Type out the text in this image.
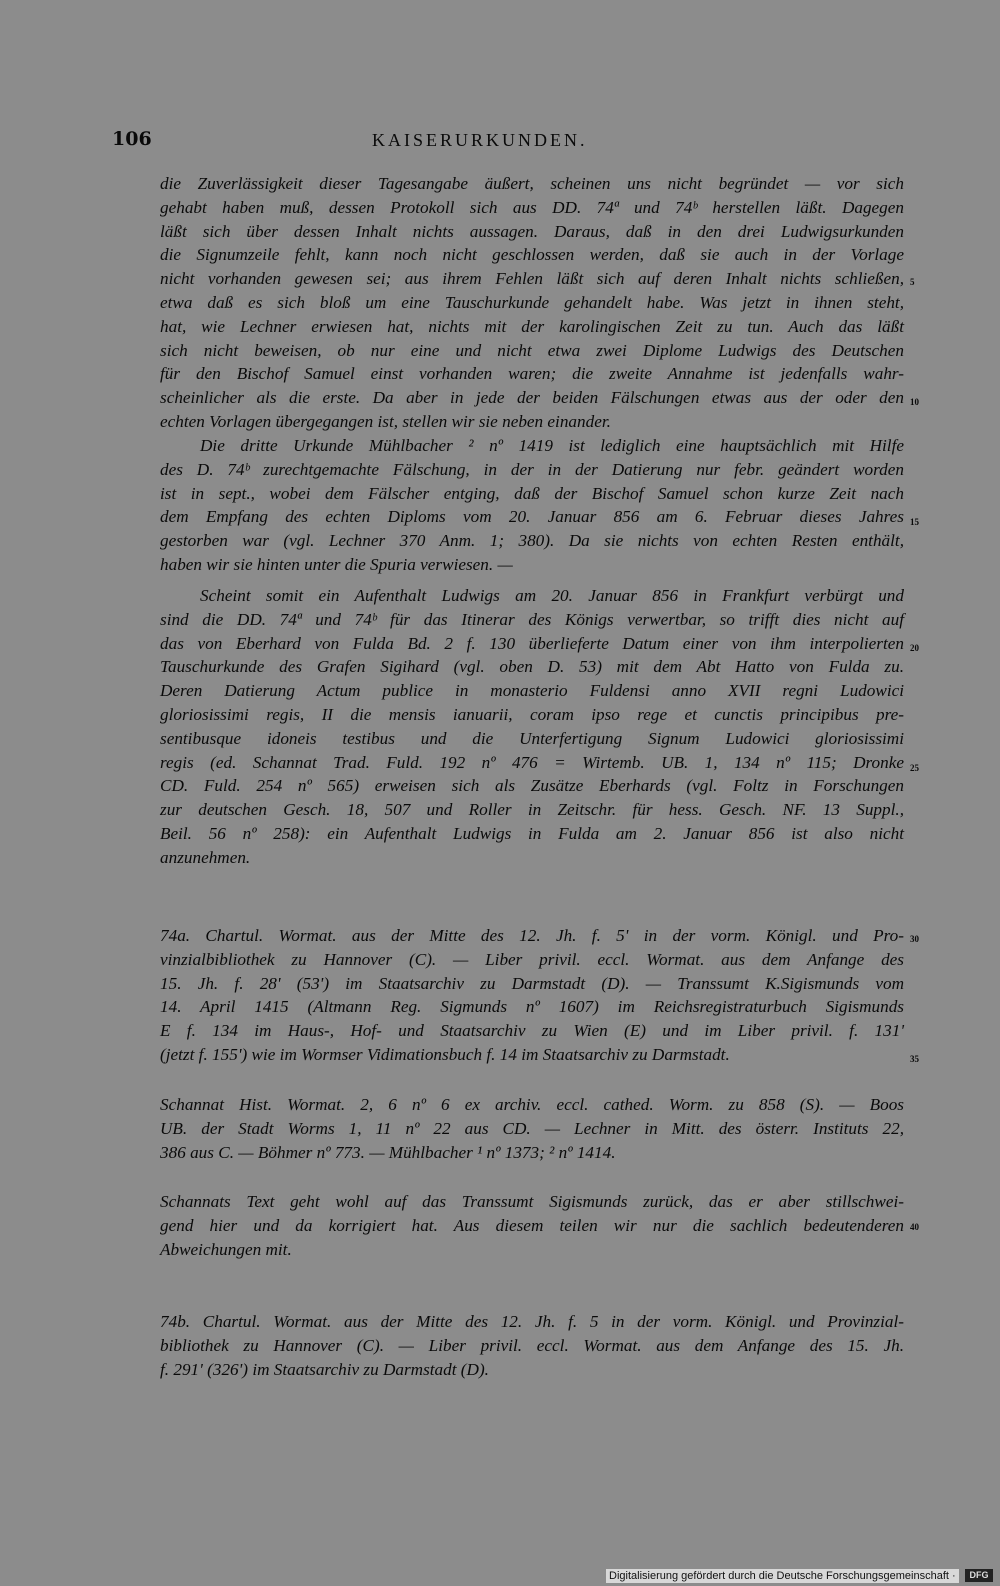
106	KAISERURKUNDEN.
die Zuverlässigkeit dieser Tagesangabe äußert, scheinen uns nicht begründet — vor sich
gehabt haben muß, dessen Protokoll sich aus DD. 74ª und 74ᵇ herstellen läßt. Dagegen
läßt sich über dessen Inhalt nichts aussagen. Daraus, daß in den drei Ludwigsurkunden
die Signumzeile fehlt, kann noch nicht geschlossen werden, daß sie auch in der Vorlage
nicht vorhanden gewesen sei; aus ihrem Fehlen läßt sich auf deren Inhalt nichts schließen,
etwa daß es sich bloß um eine Tauschurkunde gehandelt habe. Was jetzt in ihnen steht,
hat, wie Lechner erwiesen hat, nichts mit der karolingischen Zeit zu tun. Auch das läßt
sich nicht beweisen, ob nur eine und nicht etwa zwei Diplome Ludwigs des Deutschen
für den Bischof Samuel einst vorhanden waren; die zweite Annahme ist jedenfalls wahr-
scheinlicher als die erste. Da aber in jede der beiden Fälschungen etwas aus der oder den
echten Vorlagen übergegangen ist, stellen wir sie neben einander.
Die dritte Urkunde Mühlbacher ² nº 1419 ist lediglich eine hauptsächlich mit Hilfe
des D. 74ᵇ zurechtgemachte Fälschung, in der in der Datierung nur febr. geändert worden
ist in sept., wobei dem Fälscher entging, daß der Bischof Samuel schon kurze Zeit nach
dem Empfang des echten Diploms vom 20. Januar 856 am 6. Februar dieses Jahres
gestorben war (vgl. Lechner 370 Anm. 1; 380). Da sie nichts von echten Resten enthält,
haben wir sie hinten unter die Spuria verwiesen. —
Scheint somit ein Aufenthalt Ludwigs am 20. Januar 856 in Frankfurt verbürgt und
sind die DD. 74ª und 74ᵇ für das Itinerar des Königs verwertbar, so trifft dies nicht auf
das von Eberhard von Fulda Bd. 2 f. 130 überlieferte Datum einer von ihm interpolierten
Tauschurkunde des Grafen Sigihard (vgl. oben D. 53) mit dem Abt Hatto von Fulda zu.
Deren Datierung Actum publice in monasterio Fuldensi anno XVII regni Ludowici
gloriosissimi regis, II die mensis ianuarii, coram ipso rege et cunctis principibus pre-
sentibusque idoneis testibus und die Unterfertigung Signum Ludowici gloriosissimi
regis (ed. Schannat Trad. Fuld. 192 nº 476 = Wirtemb. UB. 1, 134 nº 115; Dronke
CD. Fuld. 254 nº 565) erweisen sich als Zusätze Eberhards (vgl. Foltz in Forschungen
zur deutschen Gesch. 18, 507 und Roller in Zeitschr. für hess. Gesch. NF. 13 Suppl.,
Beil. 56 nº 258): ein Aufenthalt Ludwigs in Fulda am 2. Januar 856 ist also nicht
anzunehmen.
74a. Chartul. Wormat. aus der Mitte des 12. Jh. f. 5' in der vorm. Königl. und Pro-
vinzialbibliothek zu Hannover (C). — Liber privil. eccl. Wormat. aus dem Anfange des
15. Jh. f. 28' (53') im Staatsarchiv zu Darmstadt (D). — Transsumt K.Sigismunds vom
14. April 1415 (Altmann Reg. Sigmunds nº 1607) im Reichsregistraturbuch Sigismunds
E f. 134 im Haus-, Hof- und Staatsarchiv zu Wien (E) und im Liber privil. f. 131'
(jetzt f. 155') wie im Wormser Vidimationsbuch f. 14 im Staatsarchiv zu Darmstadt.
Schannat Hist. Wormat. 2, 6 nº 6 ex archiv. eccl. cathed. Worm. zu 858 (S). — Boos
UB. der Stadt Worms 1, 11 nº 22 aus CD. — Lechner in Mitt. des österr. Instituts 22,
386 aus C. — Böhmer nº 773. — Mühlbacher ¹ nº 1373; ² nº 1414.
Schannats Text geht wohl auf das Transsumt Sigismunds zurück, das er aber stillschwei-
gend hier und da korrigiert hat. Aus diesem teilen wir nur die sachlich bedeutenderen
Abweichungen mit.
74b. Chartul. Wormat. aus der Mitte des 12. Jh. f. 5 in der vorm. Königl. und Provinzial-
bibliothek zu Hannover (C). — Liber privil. eccl. Wormat. aus dem Anfange des 15. Jh.
f. 291' (326') im Staatsarchiv zu Darmstadt (D).
5
10
15
20
25
30
35
40
Digitalisierung gefördert durch die Deutsche Forschungsgemeinschaft ·	DFG
